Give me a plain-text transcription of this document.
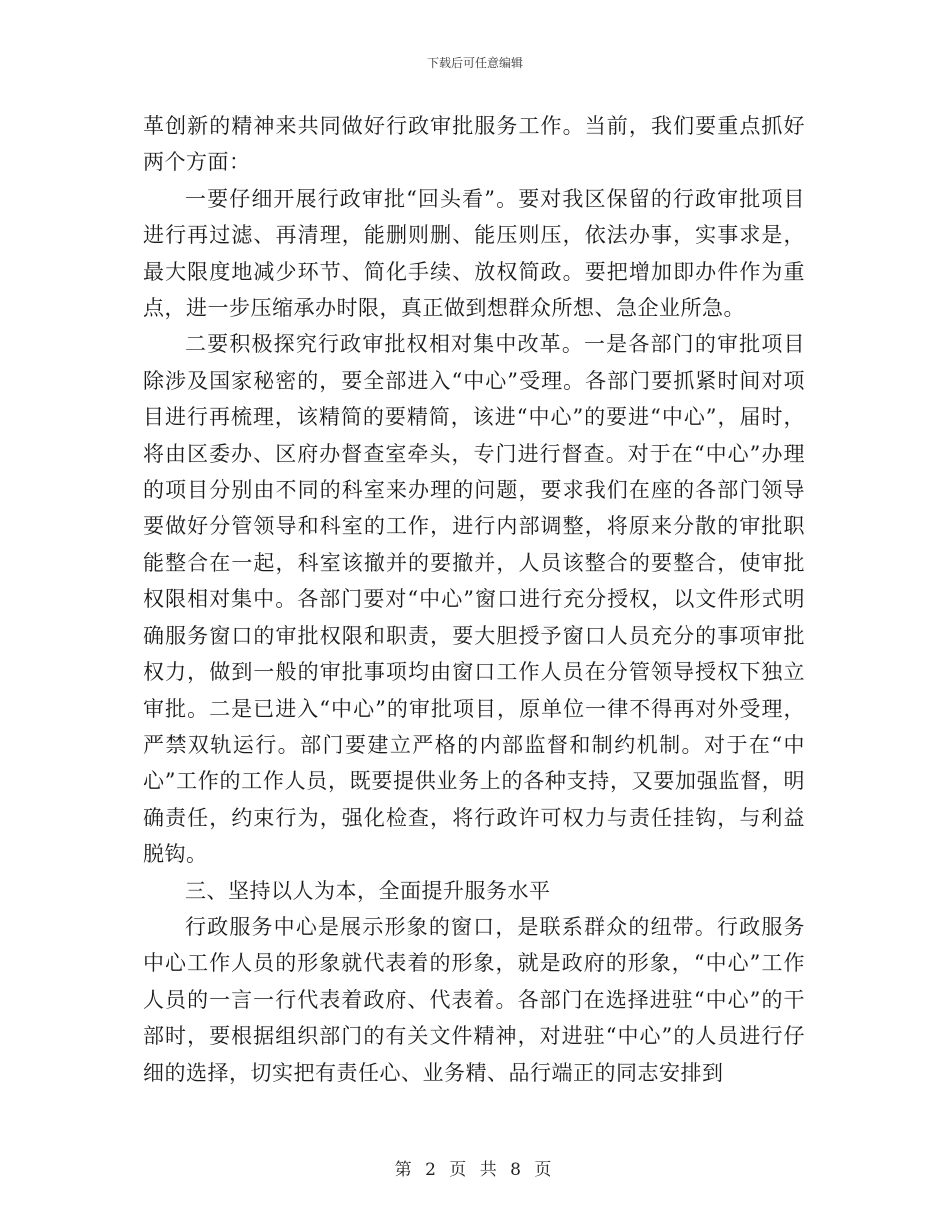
下载后可任意编辑

革创新的精神来共同做好行政审批服务工作。当前，我们要重点抓好两个方面：

一要仔细开展行政审批“回头看”。要对我区保留的行政审批项目进行再过滤、再清理，能删则删、能压则压，依法办事，实事求是，最大限度地减少环节、简化手续、放权简政。要把增加即办件作为重点，进一步压缩承办时限，真正做到想群众所想、急企业所急。

二要积极探究行政审批权相对集中改革。一是各部门的审批项目除涉及国家秘密的，要全部进入“中心”受理。各部门要抓紧时间对项目进行再梳理，该精简的要精简，该进“中心”的要进“中心”，届时，将由区委办、区府办督查室牵头，专门进行督查。对于在“中心”办理的项目分别由不同的科室来办理的问题，要求我们在座的各部门领导要做好分管领导和科室的工作，进行内部调整，将原来分散的审批职能整合在一起，科室该撤并的要撤并，人员该整合的要整合，使审批权限相对集中。各部门要对“中心”窗口进行充分授权，以文件形式明确服务窗口的审批权限和职责，要大胆授予窗口人员充分的事项审批权力，做到一般的审批事项均由窗口工作人员在分管领导授权下独立审批。二是已进入“中心”的审批项目，原单位一律不得再对外受理，严禁双轨运行。部门要建立严格的内部监督和制约机制。对于在“中心”工作的工作人员，既要提供业务上的各种支持，又要加强监督，明确责任，约束行为，强化检查，将行政许可权力与责任挂钩，与利益脱钩。

三、坚持以人为本，全面提升服务水平

行政服务中心是展示形象的窗口，是联系群众的纽带。行政服务中心工作人员的形象就代表着的形象，就是政府的形象，“中心”工作人员的一言一行代表着政府、代表着。各部门在选择进驻“中心”的干部时，要根据组织部门的有关文件精神，对进驻“中心”的人员进行仔细的选择，切实把有责任心、业务精、品行端正的同志安排到

第 2 页 共 8 页
